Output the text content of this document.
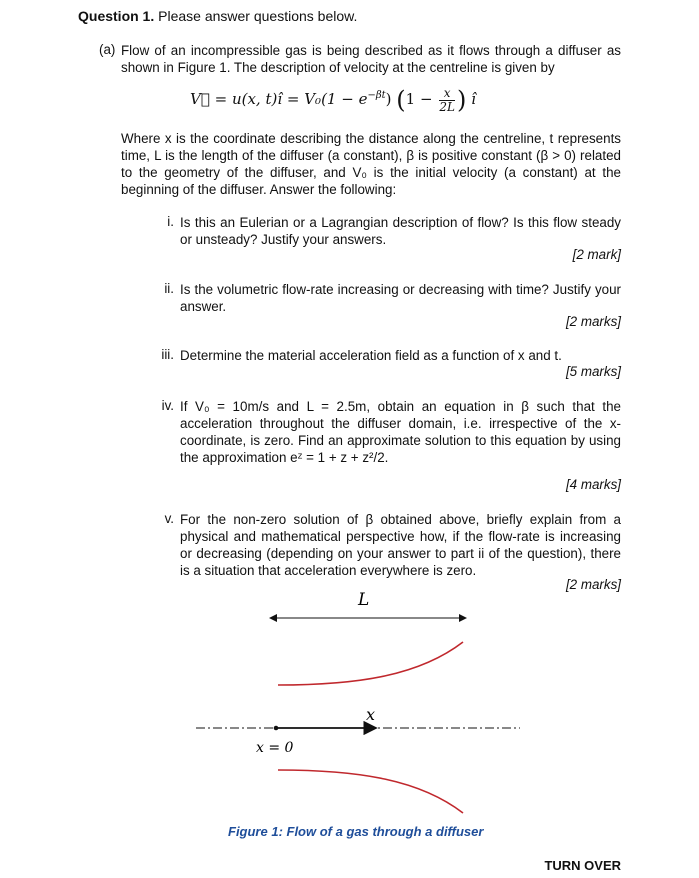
Question 1. Please answer questions below.
(a) Flow of an incompressible gas is being described as it flows through a diffuser as shown in Figure 1. The description of velocity at the centreline is given by
V⃗ = u(x, t)î = $V_0(1 - e^{-\beta t})$ ($1 - \frac{x}{2L}$ ) î
Where x is the coordinate describing the distance along the centreline, t represents time, L is the length of the diffuser (a constant), β is positive constant (β > 0) related to the geometry of the diffuser, and V₀ is the initial velocity (a constant) at the beginning of the diffuser. Answer the following:
i. Is this an Eulerian or a Lagrangian description of flow? Is this flow steady or unsteady? Justify your answers.
[2 mark]
ii. Is the volumetric flow-rate increasing or decreasing with time? Justify your answer.
[2 marks]
iii. Determine the material acceleration field as a function of x and t.
[5 marks]
iv. If V₀ = 10m/s and L = 2.5m, obtain an equation in β such that the acceleration throughout the diffuser domain, i.e. irrespective of the x-coordinate, is zero. Find an approximate solution to this equation by using the approximation eᶻ = 1 + z + z²/2.
[4 marks]
v. For the non-zero solution of β obtained above, briefly explain from a physical and mathematical perspective how, if the flow-rate is increasing or decreasing (depending on your answer to part ii of the question), there is a situation that acceleration everywhere is zero.
[2 marks]
L
x
x = 0
Figure 1: Flow of a gas through a diffuser
TURN OVER
